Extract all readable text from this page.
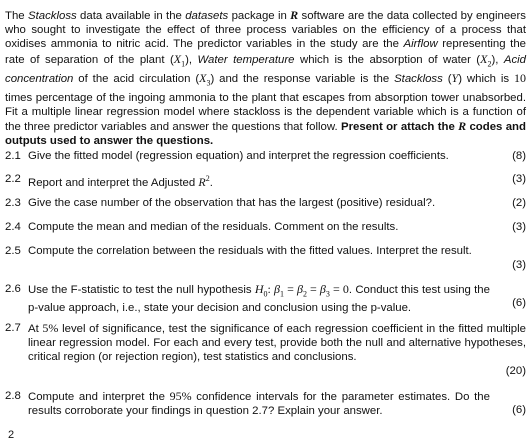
The Stackloss data available in the datasets package in R software are the data collected by engineers who sought to investigate the effect of three process variables on the efficiency of a process that oxidises ammonia to nitric acid. The predictor variables in the study are the Airflow representing the rate of separation of the plant $(X_1)$, Water temperature which is the absorption of water $(X_2)$, Acid concentration of the acid circulation $(X_3)$ and the response variable is the Stackloss (Y) which is 10 times percentage of the ingoing ammonia to the plant that escapes from absorption tower unabsorbed. Fit a multiple linear regression model where stackloss is the dependent variable which is a function of the three predictor variables and answer the questions that follow. Present or attach the R codes and outputs used to answer the questions.

2.1 Give the fitted model (regression equation) and interpret the regression coefficients.	(8)
2.2 Report and interpret the Adjusted $R^2$.	(3)
2.3 Give the case number of the observation that has the largest (positive) residual?.	(2)
2.4 Compute the mean and median of the residuals. Comment on the results.	(3)
2.5 Compute the correlation between the residuals with the fitted values. Interpret the result.
(3)
2.6 Use the F-statistic to test the null hypothesis $H_0$: $\beta_1 = \beta_2 = \beta_3 = 0$. Conduct this test using the p-value approach, i.e., state your decision and conclusion using the p-value.	(6)
2.7 At 5% level of significance, test the significance of each regression coefficient in the fitted multiple linear regression model. For each and every test, provide both the null and alternative hypotheses, critical region (or rejection region), test statistics and conclusions.
(20)
2.8 Compute and interpret the 95% confidence intervals for the parameter estimates. Do the results corroborate your findings in question 2.7? Explain your answer.	(6)
2
